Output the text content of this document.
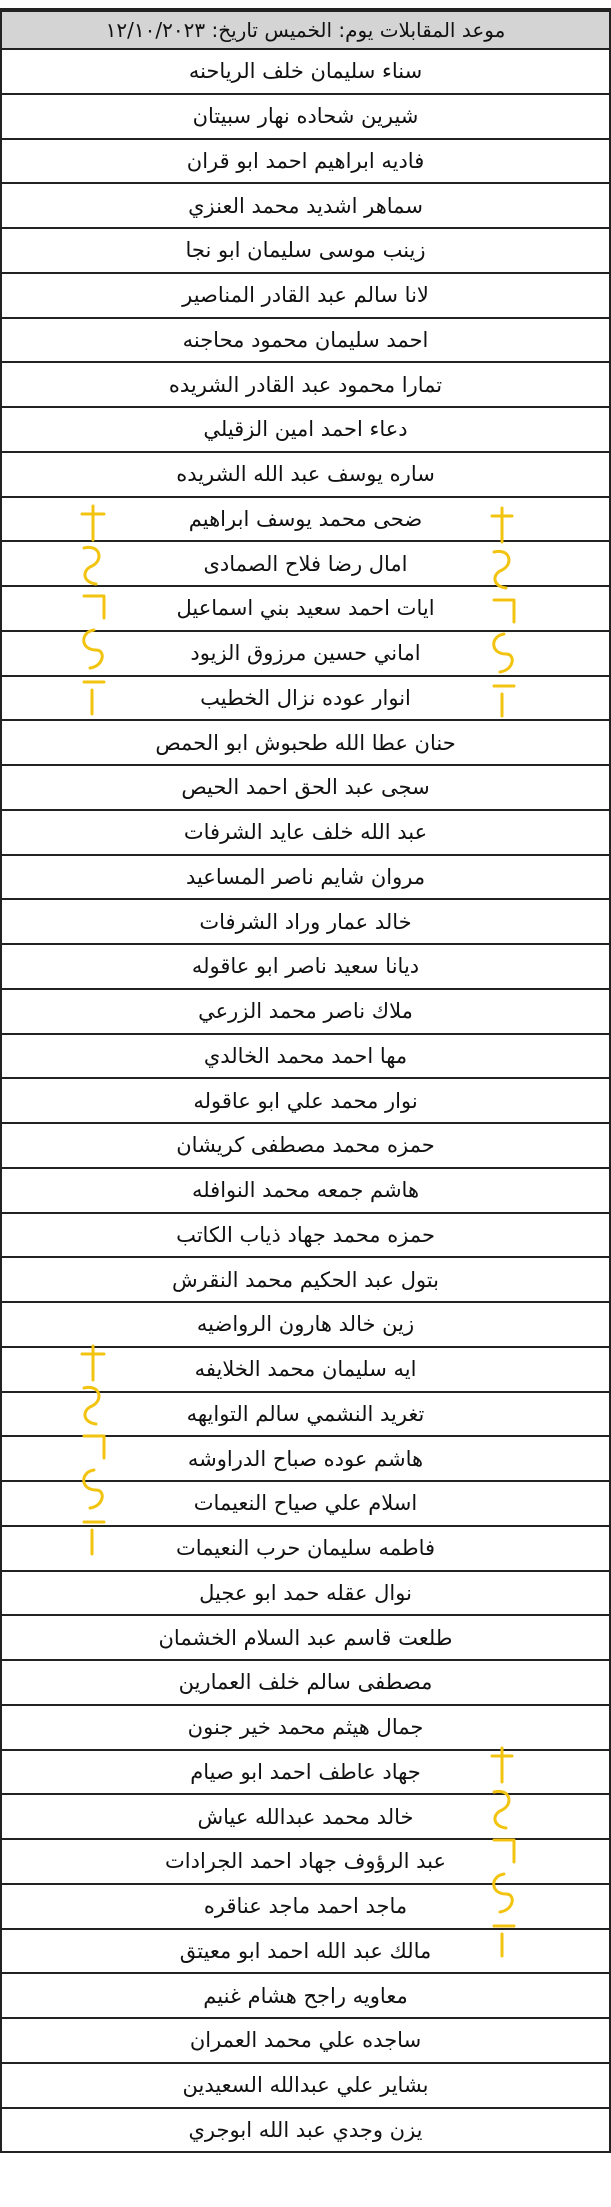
موعد المقابلات يوم: الخميس تاريخ: ١٢/١٠/٢٠٢٣
سناء سليمان خلف الرياحنه
شيرين شحاده نهار سبيتان
فاديه ابراهيم احمد ابو قران
سماهر اشديد محمد العنزي
زينب موسى سليمان ابو نجا
لانا سالم عبد القادر المناصير
احمد سليمان محمود محاجنه
تمارا محمود عبد القادر الشريده
دعاء احمد امين الزقيلي
ساره يوسف عبد الله الشريده
ضحى محمد يوسف ابراهيم
امال رضا فلاح الصمادى
ايات احمد سعيد بني اسماعيل
اماني حسين مرزوق الزيود
انوار عوده نزال الخطيب
حنان عطا الله طحبوش ابو الحمص
سجى عبد الحق احمد الحيص
عبد الله خلف عايد الشرفات
مروان شايم ناصر المساعيد
خالد عمار وراد الشرفات
ديانا سعيد ناصر ابو عاقوله
ملاك ناصر محمد الزرعي
مها احمد محمد الخالدي
نوار محمد علي ابو عاقوله
حمزه محمد مصطفى كريشان
هاشم جمعه محمد النوافله
حمزه محمد جهاد ذياب الكاتب
بتول عبد الحكيم محمد النقرش
زين خالد هارون الرواضيه
ايه سليمان محمد الخلايفه
تغريد النشمي سالم التوايهه
هاشم عوده صباح الدراوشه
اسلام علي صياح النعيمات
فاطمه سليمان حرب النعيمات
نوال عقله حمد ابو عجيل
طلعت قاسم عبد السلام الخشمان
مصطفى سالم خلف العمارين
جمال هيثم محمد خير جنون
جهاد عاطف احمد ابو صيام
خالد محمد عبدالله عياش
عبد الرؤوف جهاد احمد الجرادات
ماجد احمد ماجد عناقره
مالك عبد الله احمد ابو معيتق
معاويه راجح هشام غنيم
ساجده علي محمد العمران
بشاير علي عبدالله السعيدين
يزن وجدي عبد الله ابوجري
